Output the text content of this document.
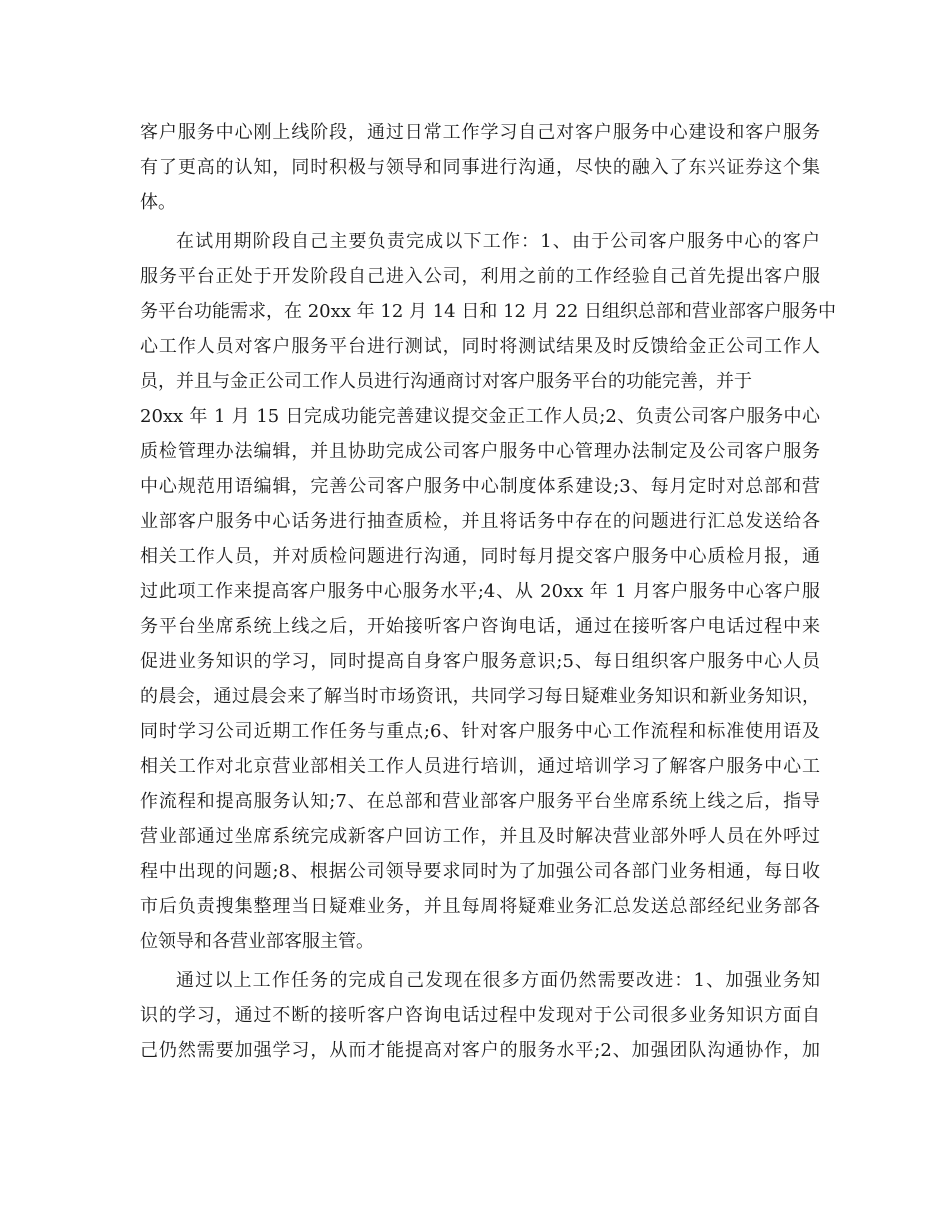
客户服务中心刚上线阶段，通过日常工作学习自己对客户服务中心建设和客户服务
有了更高的认知，同时积极与领导和同事进行沟通，尽快的融入了东兴证券这个集
体。
在试用期阶段自己主要负责完成以下工作：1、由于公司客户服务中心的客户
服务平台正处于开发阶段自己进入公司，利用之前的工作经验自己首先提出客户服
务平台功能需求，在 20xx 年 12 月 14 日和 12 月 22 日组织总部和营业部客户服务中
心工作人员对客户服务平台进行测试，同时将测试结果及时反馈给金正公司工作人
员，并且与金正公司工作人员进行沟通商讨对客户服务平台的功能完善，并于
20xx 年 1 月 15 日完成功能完善建议提交金正工作人员;2、负责公司客户服务中心
质检管理办法编辑，并且协助完成公司客户服务中心管理办法制定及公司客户服务
中心规范用语编辑，完善公司客户服务中心制度体系建设;3、每月定时对总部和营
业部客户服务中心话务进行抽查质检，并且将话务中存在的问题进行汇总发送给各
相关工作人员，并对质检问题进行沟通，同时每月提交客户服务中心质检月报，通
过此项工作来提高客户服务中心服务水平;4、从 20xx 年 1 月客户服务中心客户服
务平台坐席系统上线之后，开始接听客户咨询电话，通过在接听客户电话过程中来
促进业务知识的学习，同时提高自身客户服务意识;5、每日组织客户服务中心人员
的晨会，通过晨会来了解当时市场资讯，共同学习每日疑难业务知识和新业务知识，
同时学习公司近期工作任务与重点;6、针对客户服务中心工作流程和标准使用语及
相关工作对北京营业部相关工作人员进行培训，通过培训学习了解客户服务中心工
作流程和提高服务认知;7、在总部和营业部客户服务平台坐席系统上线之后，指导
营业部通过坐席系统完成新客户回访工作，并且及时解决营业部外呼人员在外呼过
程中出现的问题;8、根据公司领导要求同时为了加强公司各部门业务相通，每日收
市后负责搜集整理当日疑难业务，并且每周将疑难业务汇总发送总部经纪业务部各
位领导和各营业部客服主管。
通过以上工作任务的完成自己发现在很多方面仍然需要改进：1、加强业务知
识的学习，通过不断的接听客户咨询电话过程中发现对于公司很多业务知识方面自
己仍然需要加强学习，从而才能提高对客户的服务水平;2、加强团队沟通协作，加
